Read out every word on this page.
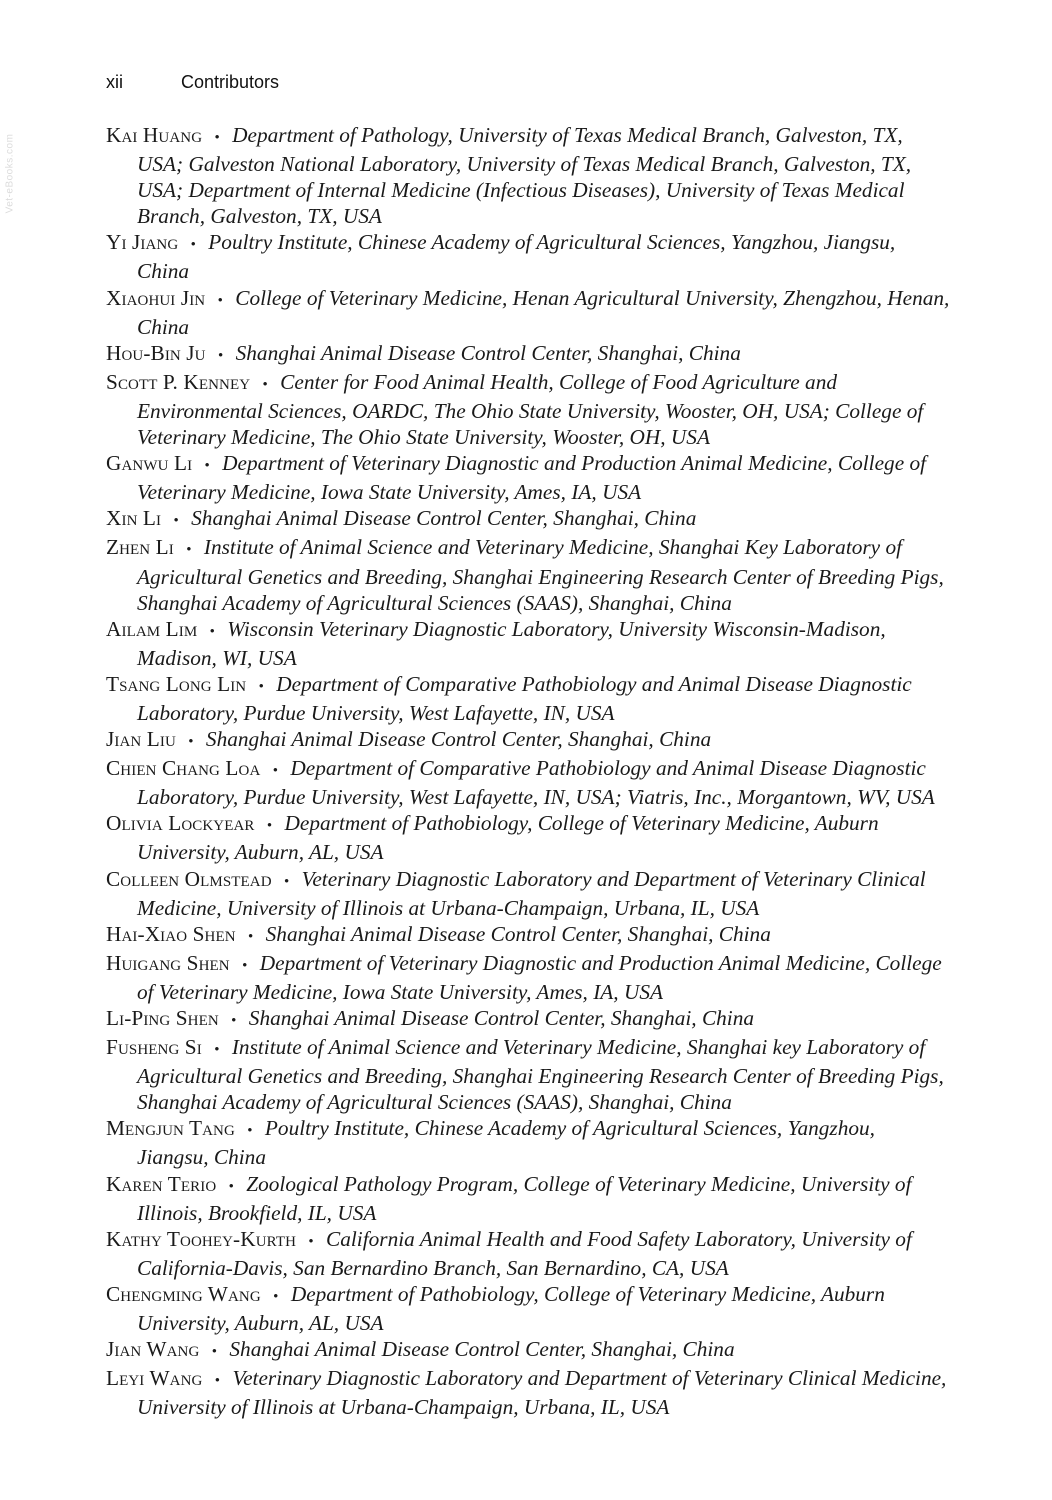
xii	Contributors
Vet-eBooks.com	Kai Huang • Department of Pathology, University of Texas Medical Branch, Galveston, TX, USA; Galveston National Laboratory, University of Texas Medical Branch, Galveston, TX, USA; Department of Internal Medicine (Infectious Diseases), University of Texas Medical Branch, Galveston, TX, USA

Yi Jiang • Poultry Institute, Chinese Academy of Agricultural Sciences, Yangzhou, Jiangsu, China

Xiaohui Jin • College of Veterinary Medicine, Henan Agricultural University, Zhengzhou, Henan, China

Hou-Bin Ju • Shanghai Animal Disease Control Center, Shanghai, China

Scott P. Kenney • Center for Food Animal Health, College of Food Agriculture and Environmental Sciences, OARDC, The Ohio State University, Wooster, OH, USA; College of Veterinary Medicine, The Ohio State University, Wooster, OH, USA

Ganwu Li • Department of Veterinary Diagnostic and Production Animal Medicine, College of Veterinary Medicine, Iowa State University, Ames, IA, USA

Xin Li • Shanghai Animal Disease Control Center, Shanghai, China

Zhen Li • Institute of Animal Science and Veterinary Medicine, Shanghai Key Laboratory of Agricultural Genetics and Breeding, Shanghai Engineering Research Center of Breeding Pigs, Shanghai Academy of Agricultural Sciences (SAAS), Shanghai, China

Ailam Lim • Wisconsin Veterinary Diagnostic Laboratory, University Wisconsin-Madison, Madison, WI, USA

Tsang Long Lin • Department of Comparative Pathobiology and Animal Disease Diagnostic Laboratory, Purdue University, West Lafayette, IN, USA

Jian Liu • Shanghai Animal Disease Control Center, Shanghai, China

Chien Chang Loa • Department of Comparative Pathobiology and Animal Disease Diagnostic Laboratory, Purdue University, West Lafayette, IN, USA; Viatris, Inc., Morgantown, WV, USA

Olivia Lockyear • Department of Pathobiology, College of Veterinary Medicine, Auburn University, Auburn, AL, USA

Colleen Olmstead • Veterinary Diagnostic Laboratory and Department of Veterinary Clinical Medicine, University of Illinois at Urbana-Champaign, Urbana, IL, USA

Hai-Xiao Shen • Shanghai Animal Disease Control Center, Shanghai, China

Huigang Shen • Department of Veterinary Diagnostic and Production Animal Medicine, College of Veterinary Medicine, Iowa State University, Ames, IA, USA

Li-Ping Shen • Shanghai Animal Disease Control Center, Shanghai, China

Fusheng Si • Institute of Animal Science and Veterinary Medicine, Shanghai key Laboratory of Agricultural Genetics and Breeding, Shanghai Engineering Research Center of Breeding Pigs, Shanghai Academy of Agricultural Sciences (SAAS), Shanghai, China

Mengjun Tang • Poultry Institute, Chinese Academy of Agricultural Sciences, Yangzhou, Jiangsu, China

Karen Terio • Zoological Pathology Program, College of Veterinary Medicine, University of Illinois, Brookfield, IL, USA

Kathy Toohey-Kurth • California Animal Health and Food Safety Laboratory, University of California-Davis, San Bernardino Branch, San Bernardino, CA, USA

Chengming Wang • Department of Pathobiology, College of Veterinary Medicine, Auburn University, Auburn, AL, USA

Jian Wang • Shanghai Animal Disease Control Center, Shanghai, China

Leyi Wang • Veterinary Diagnostic Laboratory and Department of Veterinary Clinical Medicine, University of Illinois at Urbana-Champaign, Urbana, IL, USA
